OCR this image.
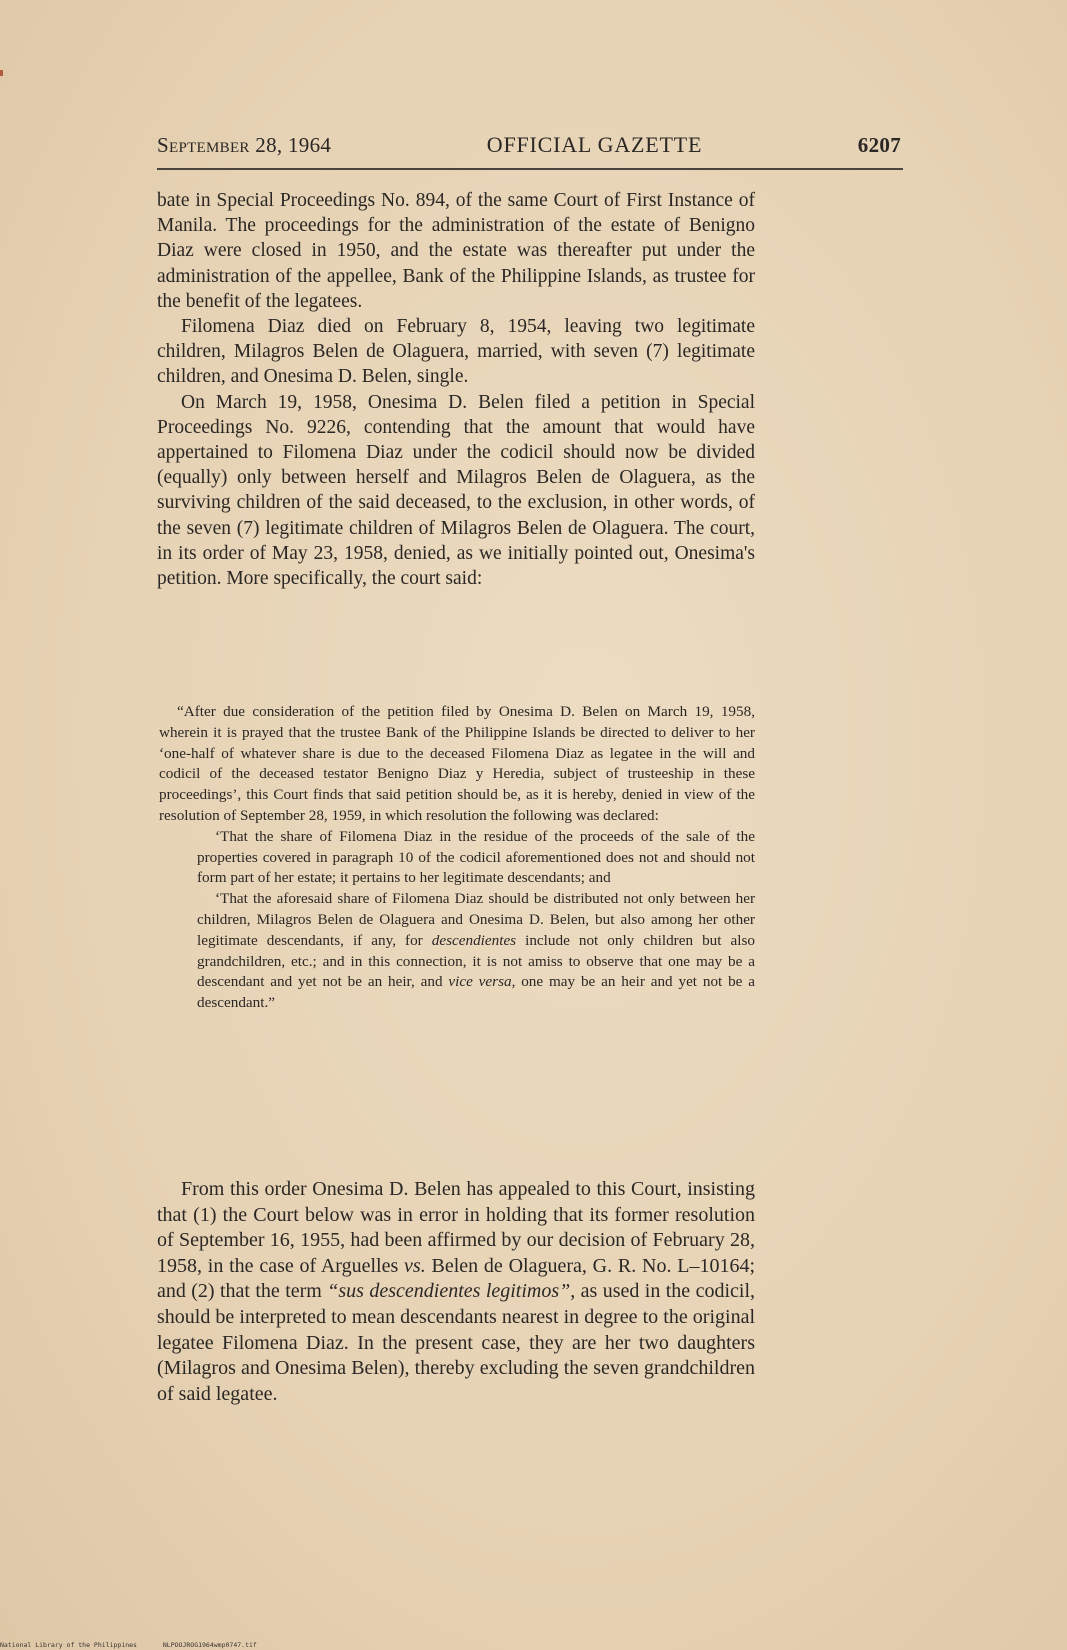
September 28, 1964	OFFICIAL GAZETTE	6207

bate in Special Proceedings No. 894, of the same Court of First Instance of Manila. The proceedings for the administration of the estate of Benigno Diaz were closed in 1950, and the estate was thereafter put under the administration of the appellee, Bank of the Philippine Islands, as trustee for the benefit of the legatees.

Filomena Diaz died on February 8, 1954, leaving two legitimate children, Milagros Belen de Olaguera, married, with seven (7) legitimate children, and Onesima D. Belen, single.

On March 19, 1958, Onesima D. Belen filed a petition in Special Proceedings No. 9226, contending that the amount that would have appertained to Filomena Diaz under the codicil should now be divided (equally) only between herself and Milagros Belen de Olaguera, as the surviving children of the said deceased, to the exclusion, in other words, of the seven (7) legitimate children of Milagros Belen de Olaguera. The court, in its order of May 23, 1958, denied, as we initially pointed out, Onesima's petition. More specifically, the court said:

“After due consideration of the petition filed by Onesima D. Belen on March 19, 1958, wherein it is prayed that the trustee Bank of the Philippine Islands be directed to deliver to her ‘one-half of whatever share is due to the deceased Filomena Diaz as legatee in the will and codicil of the deceased testator Benigno Diaz y Heredia, subject of trusteeship in these proceedings’, this Court finds that said petition should be, as it is hereby, denied in view of the resolution of September 28, 1959, in which resolution the following was declared:

‘That the share of Filomena Diaz in the residue of the proceeds of the sale of the properties covered in paragraph 10 of the codicil aforementioned does not and should not form part of her estate; it pertains to her legitimate descendants; and

‘That the aforesaid share of Filomena Diaz should be distributed not only between her children, Milagros Belen de Olaguera and Onesima D. Belen, but also among her other legitimate descendants, if any, for descendientes include not only children but also grandchildren, etc.; and in this connection, it is not amiss to observe that one may be a descendant and yet not be an heir, and vice versa, one may be an heir and yet not be a descendant.”

From this order Onesima D. Belen has appealed to this Court, insisting that (1) the Court below was in error in holding that its former resolution of September 16, 1955, had been affirmed by our decision of February 28, 1958, in the case of Arguelles vs. Belen de Olaguera, G. R. No. L–10164; and (2) that the term “sus descendientes legitimos”, as used in the codicil, should be interpreted to mean descendants nearest in degree to the original legatee Filomena Diaz. In the present case, they are her two daughters (Milagros and Onesima Belen), thereby excluding the seven grandchildren of said legatee.

National Library of the Philippines	NLPOOJROG1964wmp0747.tif
